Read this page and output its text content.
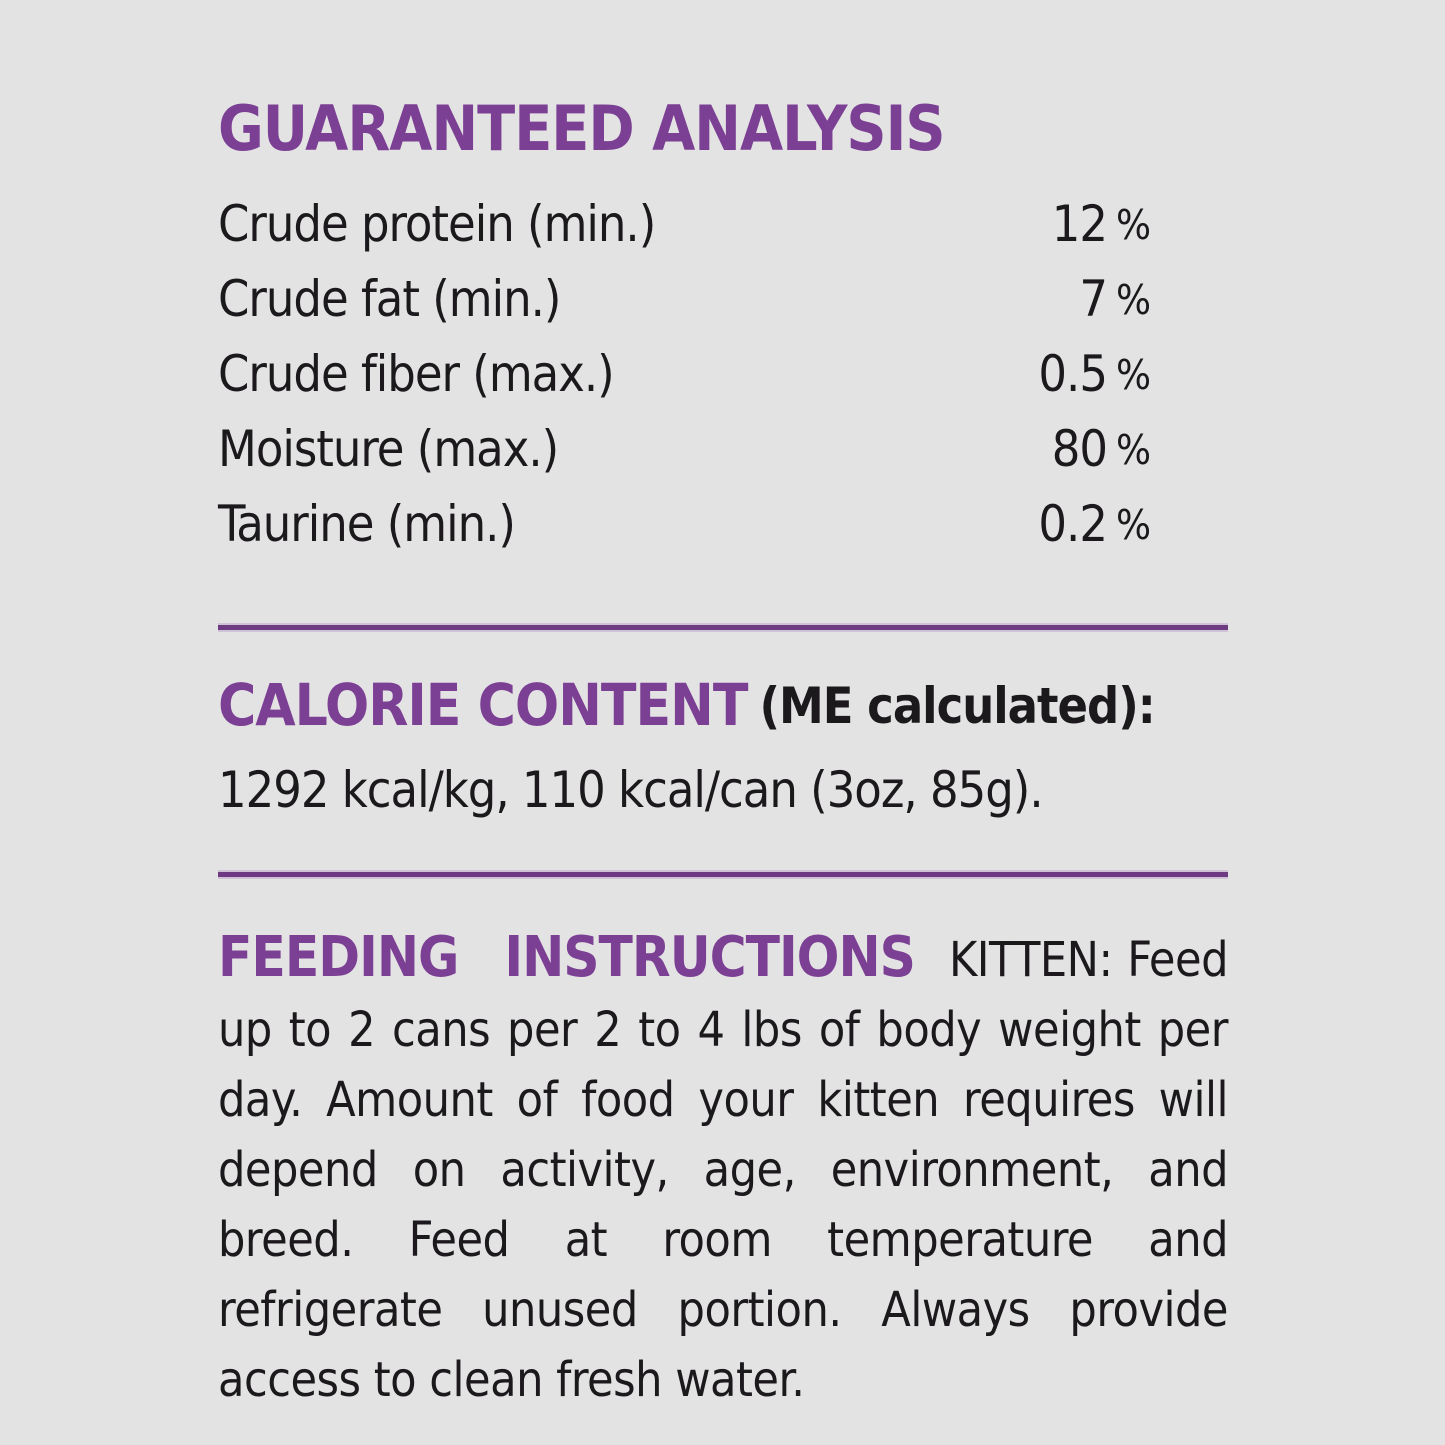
GUARANTEED ANALYSIS
Crude protein (min.)	12 %
Crude fat (min.)	7 %
Crude fiber (max.)	0.5 %
Moisture (max.)	80 %
Taurine (min.)	0.2 %
CALORIE CONTENT (ME calculated):

1292 kcal/kg, 110 kcal/can (3oz, 85g).

FEEDING INSTRUCTIONS KITTEN: Feed up to 2 cans per 2 to 4 lbs of body weight per day. Amount of food your kitten requires will depend on activity, age, environment, and breed. Feed at room temperature and refrigerate unused portion. Always provide access to clean fresh water.
